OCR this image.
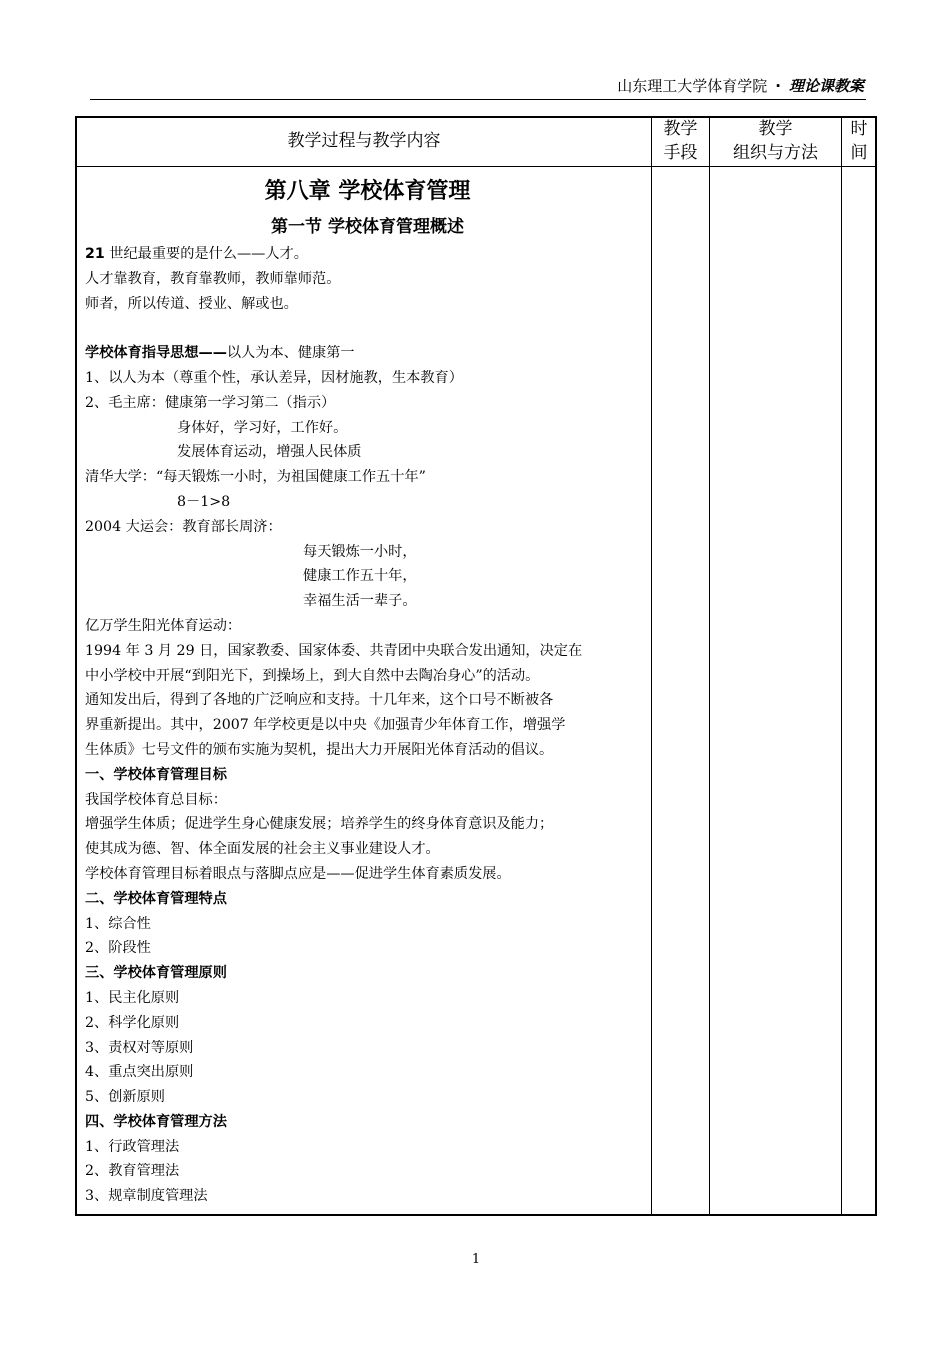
山东理工大学体育学院 · 理论课教案
教学过程与教学内容
教学
手段
教学
组织与方法
时
间
第八章 学校体育管理
第一节 学校体育管理概述
21 世纪最重要的是什么——人才。
人才靠教育，教育靠教师，教师靠师范。
师者，所以传道、授业、解或也。
学校体育指导思想——以人为本、健康第一
1、以人为本（尊重个性，承认差异，因材施教，生本教育）
2、毛主席：健康第一学习第二（指示）
身体好，学习好，工作好。
发展体育运动，增强人民体质
清华大学：“每天锻炼一小时，为祖国健康工作五十年”
8－1>8
2004 大运会：教育部长周济：
每天锻炼一小时，
健康工作五十年，
幸福生活一辈子。
亿万学生阳光体育运动：
1994 年 3 月 29 日，国家教委、国家体委、共青团中央联合发出通知，决定在
中小学校中开展“到阳光下，到操场上，到大自然中去陶冶身心”的活动。
通知发出后，得到了各地的广泛响应和支持。十几年来，这个口号不断被各
界重新提出。其中，2007 年学校更是以中央《加强青少年体育工作，增强学
生体质》七号文件的颁布实施为契机，提出大力开展阳光体育活动的倡议。
一、学校体育管理目标
我国学校体育总目标：
增强学生体质；促进学生身心健康发展；培养学生的终身体育意识及能力；
使其成为德、智、体全面发展的社会主义事业建设人才。
学校体育管理目标着眼点与落脚点应是——促进学生体育素质发展。
二、学校体育管理特点
1、综合性
2、阶段性
三、学校体育管理原则
1、民主化原则
2、科学化原则
3、责权对等原则
4、重点突出原则
5、创新原则
四、学校体育管理方法
1、行政管理法
2、教育管理法
3、规章制度管理法
1
